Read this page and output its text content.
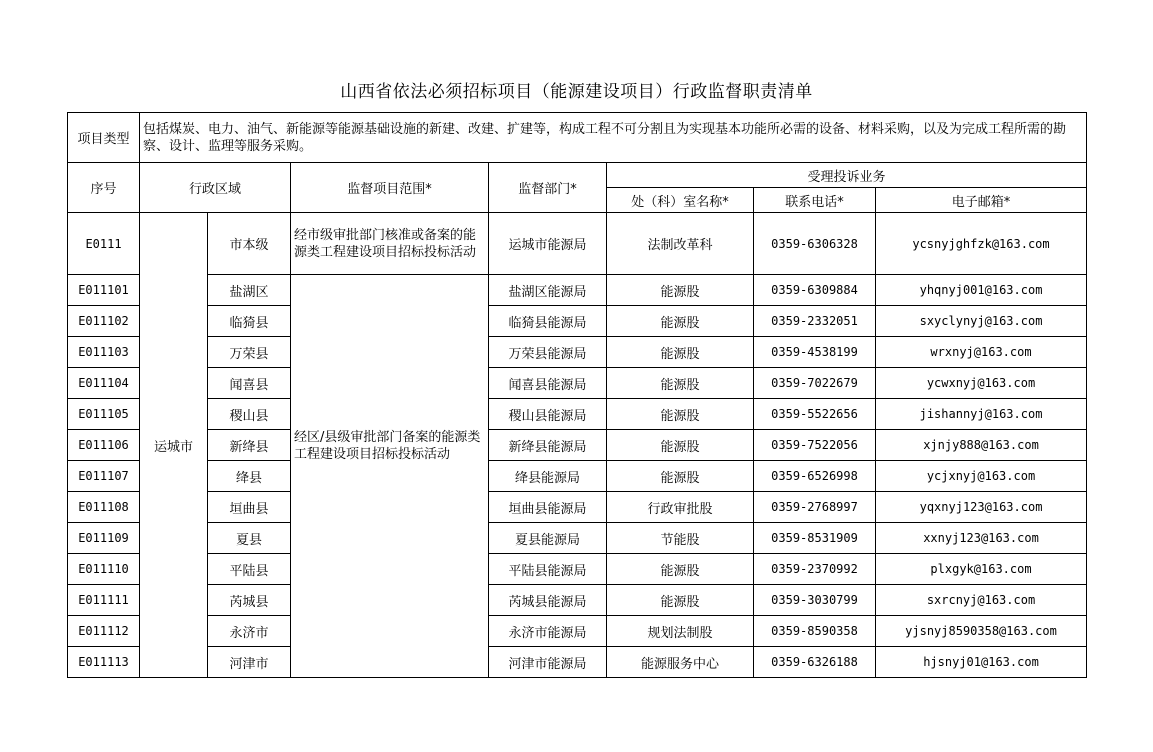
山西省依法必须招标项目（能源建设项目）行政监督职责清单
项目类型	包括煤炭、电力、油气、新能源等能源基础设施的新建、改建、扩建等，构成工程不可分割且为实现基本功能所必需的设备、材料采购，以及为完成工程所需的勘察、设计、监理等服务采购。						
序号	行政区域		监督项目范围*	监督部门*	受理投诉业务		
					处（科）室名称*	联系电话*	电子邮箱*
E0111	运城市	市本级	经市级审批部门核准或备案的能源类工程建设项目招标投标活动	运城市能源局	法制改革科	0359-6306328	ycsnyjghfzk@163.com
E011101		盐湖区	经区/县级审批部门备案的能源类工程建设项目招标投标活动	盐湖区能源局	能源股	0359-6309884	yhqnyj001@163.com
E011102		临猗县		临猗县能源局	能源股	0359-2332051	sxyclynyj@163.com
E011103		万荣县		万荣县能源局	能源股	0359-4538199	wrxnyj@163.com
E011104		闻喜县		闻喜县能源局	能源股	0359-7022679	ycwxnyj@163.com
E011105		稷山县		稷山县能源局	能源股	0359-5522656	jishannyj@163.com
E011106		新绛县		新绛县能源局	能源股	0359-7522056	xjnjy888@163.com
E011107		绛县		绛县能源局	能源股	0359-6526998	ycjxnyj@163.com
E011108		垣曲县		垣曲县能源局	行政审批股	0359-2768997	yqxnyj123@163.com
E011109		夏县		夏县能源局	节能股	0359-8531909	xxnyj123@163.com
E011110		平陆县		平陆县能源局	能源股	0359-2370992	plxgyk@163.com
E011111		芮城县		芮城县能源局	能源股	0359-3030799	sxrcnyj@163.com
E011112		永济市		永济市能源局	规划法制股	0359-8590358	yjsnyj8590358@163.com
E011113		河津市		河津市能源局	能源服务中心	0359-6326188	hjsnyj01@163.com
